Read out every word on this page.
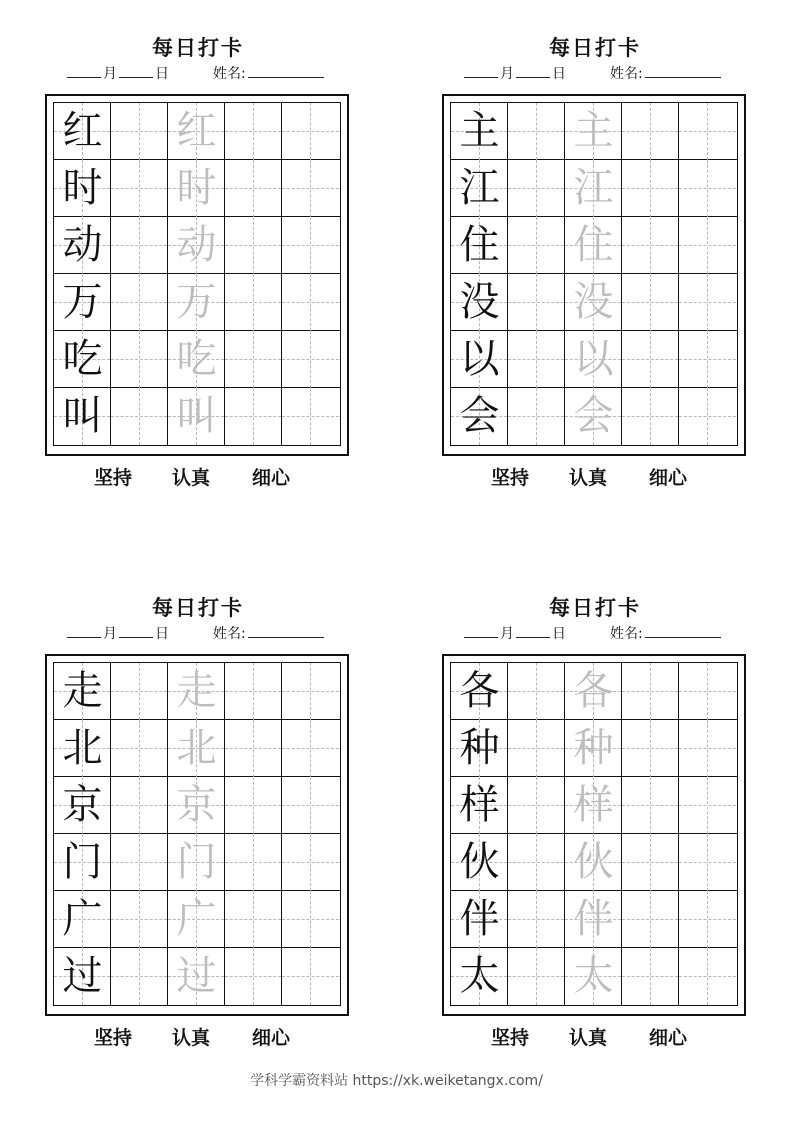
每日打卡
月	日	姓名:
红 红
时 时
动 动
万 万
吃 吃
叫 叫
坚持 认真 细心
每日打卡
月	日	姓名:
主 主
江 江
住 住
没 没
以 以
会 会
坚持 认真 细心
每日打卡
月	日	姓名:
走 走
北 北
京 京
门 门
广 广
过 过
坚持 认真 细心
每日打卡
月	日	姓名:
各 各
种 种
样 样
伙 伙
伴 伴
太 太
坚持 认真 细心
学科学霸资料站 https://xk.weiketangx.com/
